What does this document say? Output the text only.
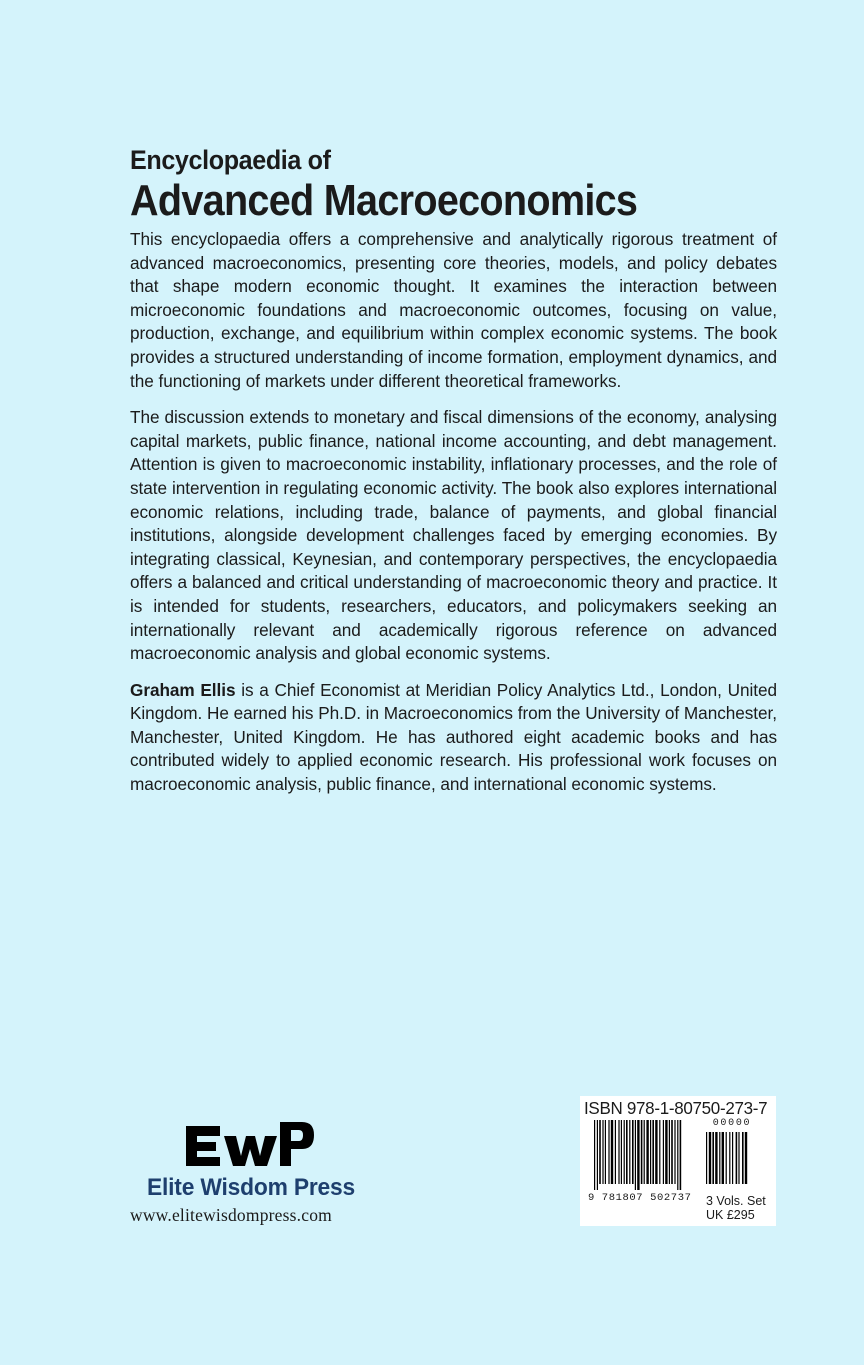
Encyclopaedia of
Advanced Macroeconomics

This encyclopaedia offers a comprehensive and analytically rigorous treatment of advanced macroeconomics, presenting core theories, models, and policy debates that shape modern economic thought. It examines the interaction between microeconomic foundations and macroeconomic outcomes, focusing on value, production, exchange, and equilibrium within complex economic systems. The book provides a structured understanding of income formation, employment dynamics, and the functioning of markets under different theoretical frameworks.

The discussion extends to monetary and fiscal dimensions of the economy, analysing capital markets, public finance, national income accounting, and debt management. Attention is given to macroeconomic instability, inflationary processes, and the role of state intervention in regulating economic activity. The book also explores international economic relations, including trade, balance of payments, and global financial institutions, alongside development challenges faced by emerging economies. By integrating classical, Keynesian, and contemporary perspectives, the encyclopaedia offers a balanced and critical understanding of macroeconomic theory and practice. It is intended for students, researchers, educators, and policymakers seeking an internationally relevant and academically rigorous reference on advanced macroeconomic analysis and global economic systems.

Graham Ellis is a Chief Economist at Meridian Policy Analytics Ltd., London, United Kingdom. He earned his Ph.D. in Macroeconomics from the University of Manchester, Manchester, United Kingdom. He has authored eight academic books and has contributed widely to applied economic research. His professional work focuses on macroeconomic analysis, public finance, and international economic systems.

Elite Wisdom Press
www.elitewisdompress.com
ISBN 978-1-80750-273-7
00000
9 781807 502737 3 Vols. Set
UK £295
